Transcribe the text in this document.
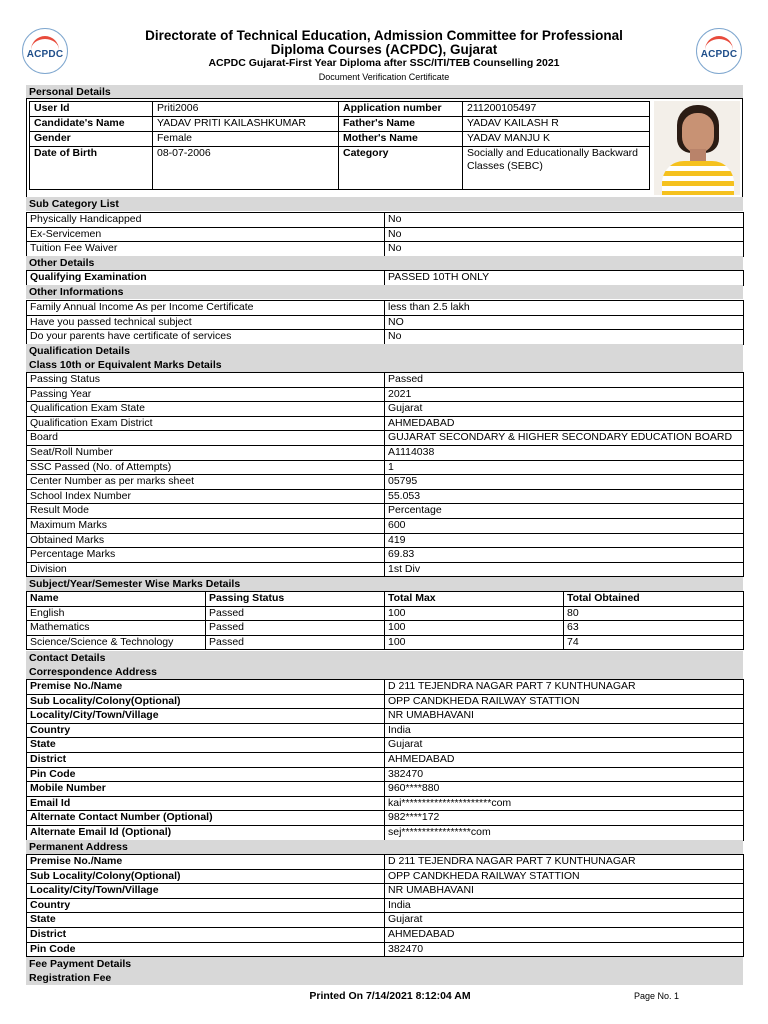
ACPDC	ACPDC
Directorate of Technical Education, Admission Committee for Professional
Diploma Courses (ACPDC), Gujarat
ACPDC Gujarat-First Year Diploma after SSC/ITI/TEB Counselling 2021
Document Verification Certificate
Personal Details
User Id	Priti2006	Application number	211200105497
Candidate's Name	YADAV PRITI KAILASHKUMAR	Father's Name	YADAV KAILASH R
Gender	Female	Mother's Name	YADAV MANJU K
Date of Birth	08-07-2006	Category	Socially and Educationally Backward Classes (SEBC)
Sub Category List
Physically Handicapped	No
Ex-Servicemen	No
Tuition Fee Waiver	No
Other Details
Qualifying Examination	PASSED 10TH ONLY
Other Informations
Family Annual Income As per Income Certificate	less than 2.5 lakh
Have you passed technical subject	NO
Do your parents have certificate of services	No
Qualification Details
Class 10th or Equivalent Marks Details
Passing Status	Passed
Passing Year	2021
Qualification Exam State	Gujarat
Qualification Exam District	AHMEDABAD
Board	GUJARAT SECONDARY & HIGHER SECONDARY EDUCATION BOARD
Seat/Roll Number	A1114038
SSC Passed (No. of Attempts)	1
Center Number as per marks sheet	05795
School Index Number	55.053
Result Mode	Percentage
Maximum Marks	600
Obtained Marks	419
Percentage Marks	69.83
Division	1st Div
Subject/Year/Semester Wise Marks Details
Name	Passing Status	Total Max	Total Obtained
English	Passed	100	80
Mathematics	Passed	100	63
Science/Science & Technology	Passed	100	74
Contact Details
Correspondence Address
Premise No./Name	D 211 TEJENDRA NAGAR PART 7 KUNTHUNAGAR
Sub Locality/Colony(Optional)	OPP CANDKHEDA RAILWAY STATTION
Locality/City/Town/Village	NR UMABHAVANI
Country	India
State	Gujarat
District	AHMEDABAD
Pin Code	382470
Mobile Number	960****880
Email Id	kai**********************com
Alternate Contact Number (Optional)	982****172
Alternate Email Id (Optional)	sej*****************com
Permanent Address
Premise No./Name	D 211 TEJENDRA NAGAR PART 7 KUNTHUNAGAR
Sub Locality/Colony(Optional)	OPP CANDKHEDA RAILWAY STATTION
Locality/City/Town/Village	NR UMABHAVANI
Country	India
State	Gujarat
District	AHMEDABAD
Pin Code	382470
Fee Payment Details
Registration Fee
Printed On 7/14/2021 8:12:04 AM	Page No. 1
